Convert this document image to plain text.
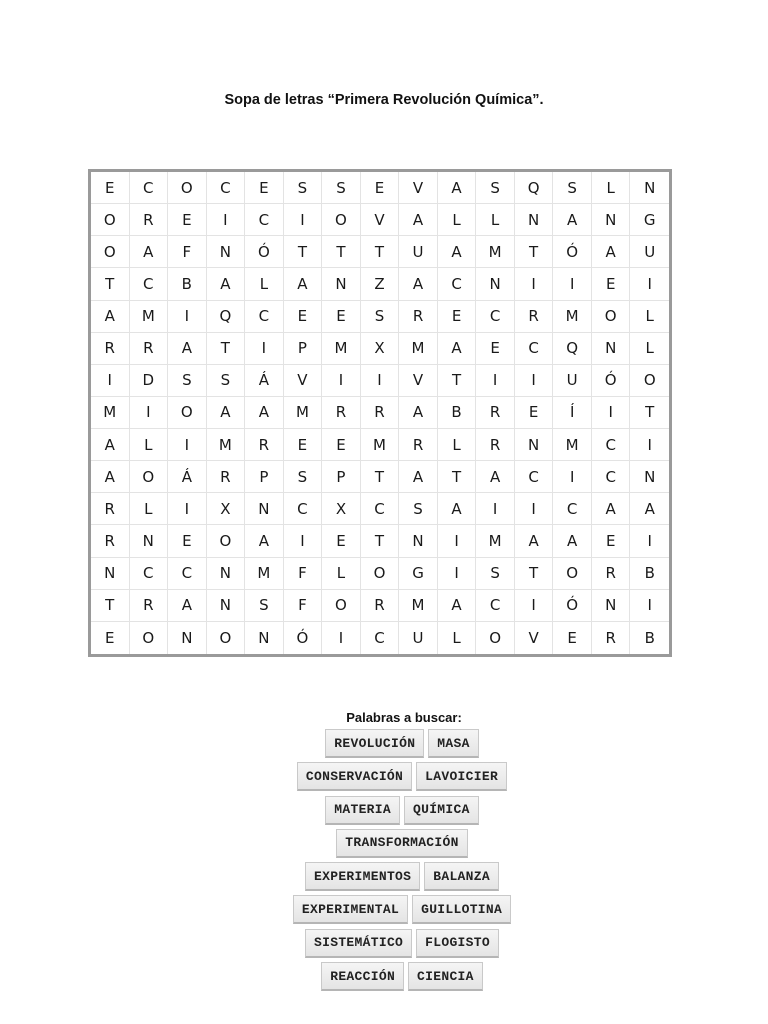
Sopa de letras “Primera Revolución Química”.
E	C	O	C	E	S	S	E	V	A	S	Q	S	L	N
O	R	E	I	C	I	O	V	A	L	L	N	A	N	G
O	A	F	N	Ó	T	T	T	U	A	M	T	Ó	A	U
T	C	B	A	L	A	N	Z	A	C	N	I	I	E	I
A	M	I	Q	C	E	E	S	R	E	C	R	M	O	L
R	R	A	T	I	P	M	X	M	A	E	C	Q	N	L
I	D	S	S	Á	V	I	I	V	T	I	I	U	Ó	O
M	I	O	A	A	M	R	R	A	B	R	E	Í	I	T
A	L	I	M	R	E	E	M	R	L	R	N	M	C	I
A	O	Á	R	P	S	P	T	A	T	A	C	I	C	N
R	L	I	X	N	C	X	C	S	A	I	I	C	A	A
R	N	E	O	A	I	E	T	N	I	M	A	A	E	I
N	C	C	N	M	F	L	O	G	I	S	T	O	R	B
T	R	A	N	S	F	O	R	M	A	C	I	Ó	N	I
E	O	N	O	N	Ó	I	C	U	L	O	V	E	R	B
Palabras a buscar:
REVOLUCIÓN	MASA
CONSERVACIÓN	LAVOICIER
MATERIA	QUÍMICA
TRANSFORMACIÓN
EXPERIMENTOS	BALANZA
EXPERIMENTAL	GUILLOTINA
SISTEMÁTICO	FLOGISTO
REACCIÓN	CIENCIA
